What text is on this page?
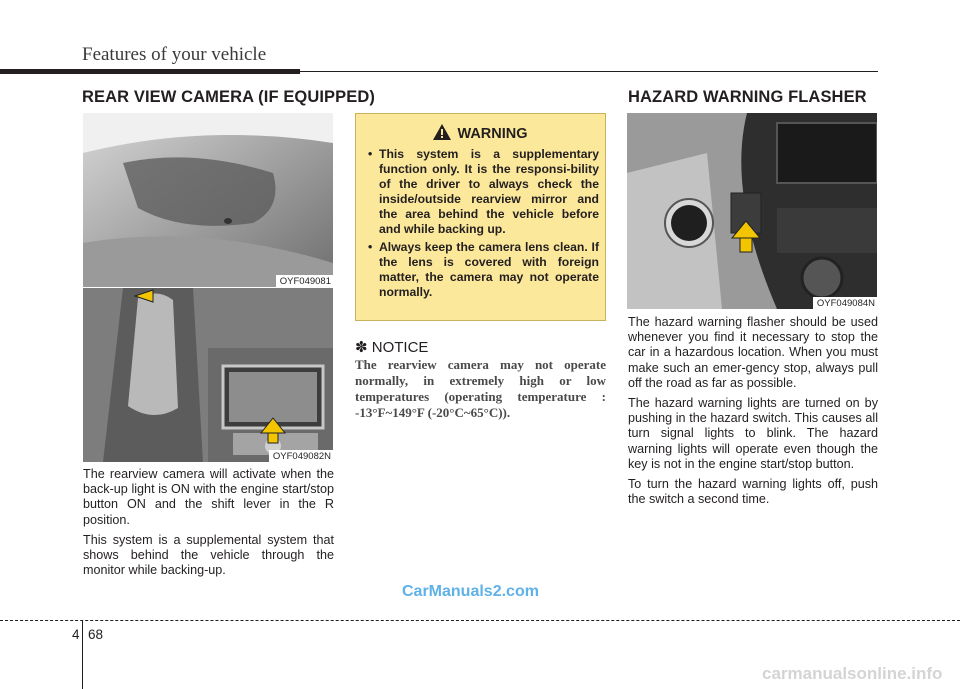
Features of your vehicle
REAR VIEW CAMERA (IF EQUIPPED)
OYF049081
OYF049082N

The rearview camera will activate when the back-up light is ON with the engine start/stop button ON and the shift lever in the R position.

This system is a supplemental system that shows behind the vehicle through the monitor while backing-up.

WARNING
• This system is a supplementary function only. It is the responsi-bility of the driver to always check the inside/outside rearview mirror and the area behind the vehicle before and while backing up.
• Always keep the camera lens clean. If the lens is covered with foreign matter, the camera may not operate normally.
✽ NOTICE
The rearview camera may not operate normally, in extremely high or low temperatures (operating temperature : -13°F~149°F (-20°C~65°C)).
HAZARD WARNING FLASHER
OYF049084N

The hazard warning flasher should be used whenever you find it necessary to stop the car in a hazardous location. When you must make such an emer-gency stop, always pull off the road as far as possible.

The hazard warning lights are turned on by pushing in the hazard switch. This causes all turn signal lights to blink. The hazard warning lights will operate even though the key is not in the engine start/stop button.

To turn the hazard warning lights off, push the switch a second time.

CarManuals2.com
4 68
carmanualsonline.info
